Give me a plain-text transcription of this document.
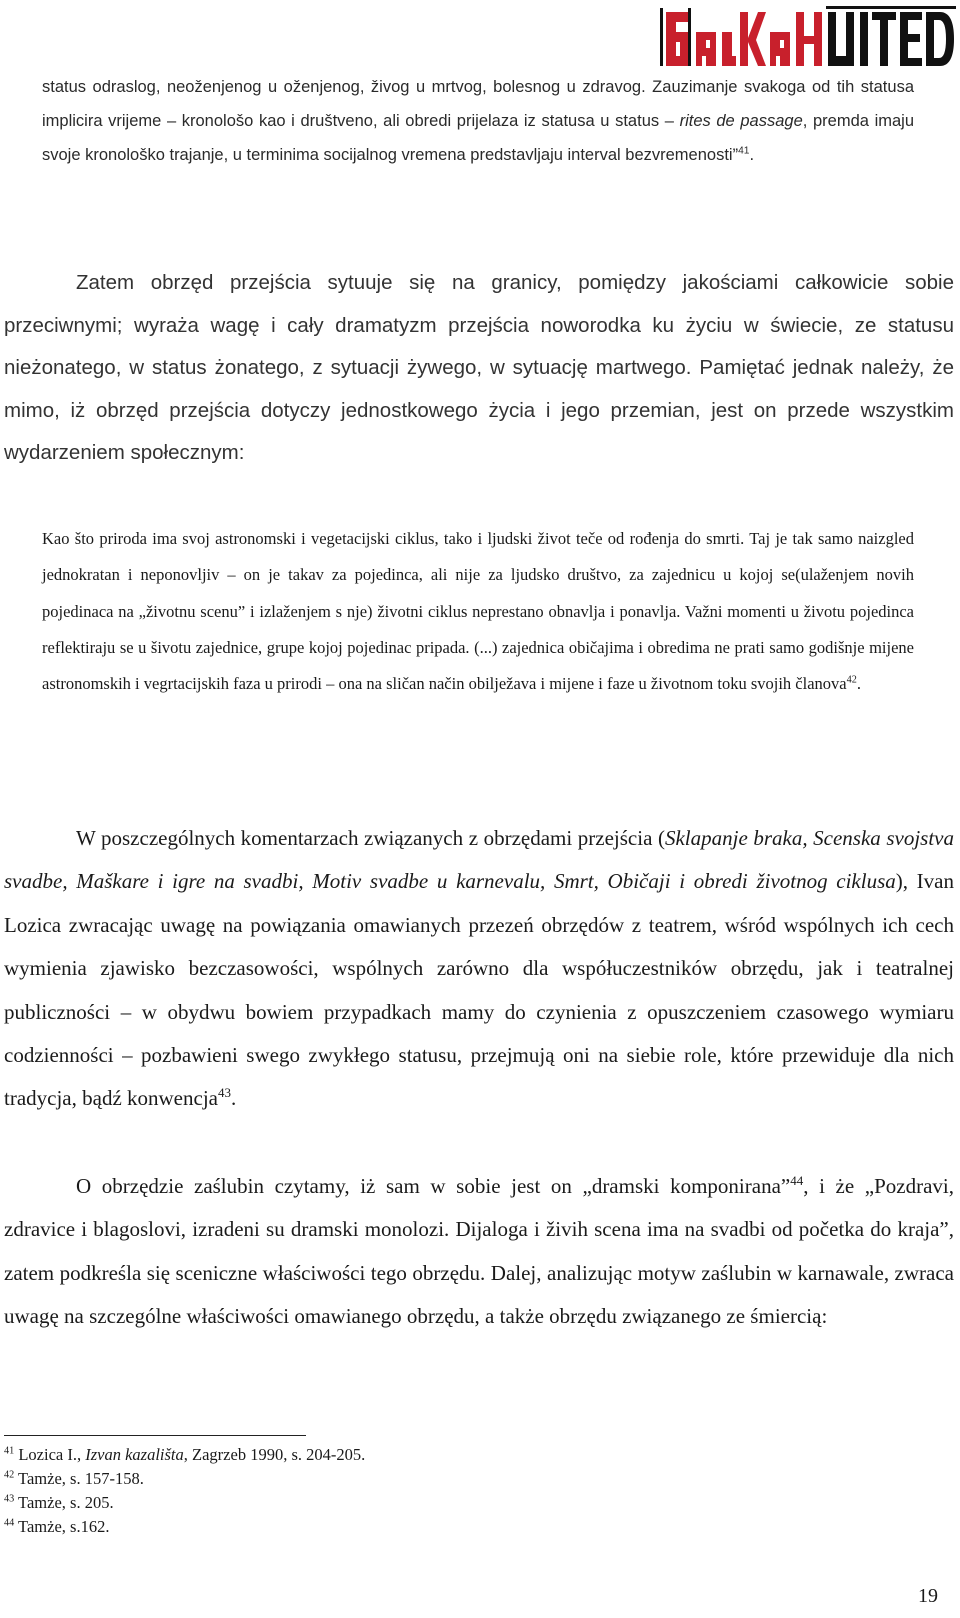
status odraslog, neoženjenog u oženjenog, živog u mrtvog, bolesnog u zdravog. Zauzimanje svakoga od tih statusa implicira vrijeme – kronološo kao i društveno, ali obredi prijelaza iz statusa u status – rites de passage, premda imaju svoje kronološko trajanje, u terminima socijalnog vremena predstavljaju interval bezvremenosti”$^{41}$.

Zatem obrzęd przejścia sytuuje się na granicy, pomiędzy jakościami całkowicie sobie przeciwnymi; wyraża wagę i cały dramatyzm przejścia noworodka ku życiu w świecie, ze statusu nieżonatego, w status żonatego, z sytuacji żywego, w sytuację martwego. Pamiętać jednak należy, że mimo, iż obrzęd przejścia dotyczy jednostkowego życia i jego przemian, jest on przede wszystkim wydarzeniem społecznym:

Kao što priroda ima svoj astronomski i vegetacijski ciklus, tako i ljudski život teče od rođenja do smrti. Taj je tak samo naizgled jednokratan i neponovljiv – on je takav za pojedinca, ali nije za ljudsko društvo, za zajednicu u kojoj se(ulaženjem novih pojedinaca na „životnu scenu” i izlaženjem s nje) životni ciklus neprestano obnavlja i ponavlja. Važni momenti u životu pojedinca reflektiraju se u šivotu zajednice, grupe kojoj pojedinac pripada. (...) zajednica običajima i obredima ne prati samo godišnje mijene astronomskih i vegrtacijskih faza u prirodi – ona na sličan način obilježava i mijene i faze u životnom toku svojih članova$^{42}$.

W poszczególnych komentarzach związanych z obrzędami przejścia (Sklapanje braka, Scenska svojstva svadbe, Maškare i igre na svadbi, Motiv svadbe u karnevalu, Smrt, Običaji i obredi životnog ciklusa), Ivan Lozica zwracając uwagę na powiązania omawianych przezeń obrzędów z teatrem, wśród wspólnych ich cech wymienia zjawisko bezczasowości, wspólnych zarówno dla współuczestników obrzędu, jak i teatralnej publiczności – w obydwu bowiem przypadkach mamy do czynienia z opuszczeniem czasowego wymiaru codzienności – pozbawieni swego zwykłego statusu, przejmują oni na siebie role, które przewiduje dla nich tradycja, bądź konwencja$^{43}$.

O obrzędzie zaślubin czytamy, iż sam w sobie jest on „dramski komponirana”$^{44}$, i że „Pozdravi, zdravice i blagoslovi, izradeni su dramski monolozi. Dijaloga i živih scena ima na svadbi od početka do kraja”, zatem podkreśla się sceniczne właściwości tego obrzędu. Dalej, analizując motyw zaślubin w karnawale, zwraca uwagę na szczególne właściwości omawianego obrzędu, a także obrzędu związanego ze śmiercią:

$^{41}$ Lozica I., Izvan kazališta, Zagrzeb 1990, s. 204-205.
$^{42}$ Tamże, s. 157-158.
$^{43}$ Tamże, s. 205.
$^{44}$ Tamże, s.162.
19
